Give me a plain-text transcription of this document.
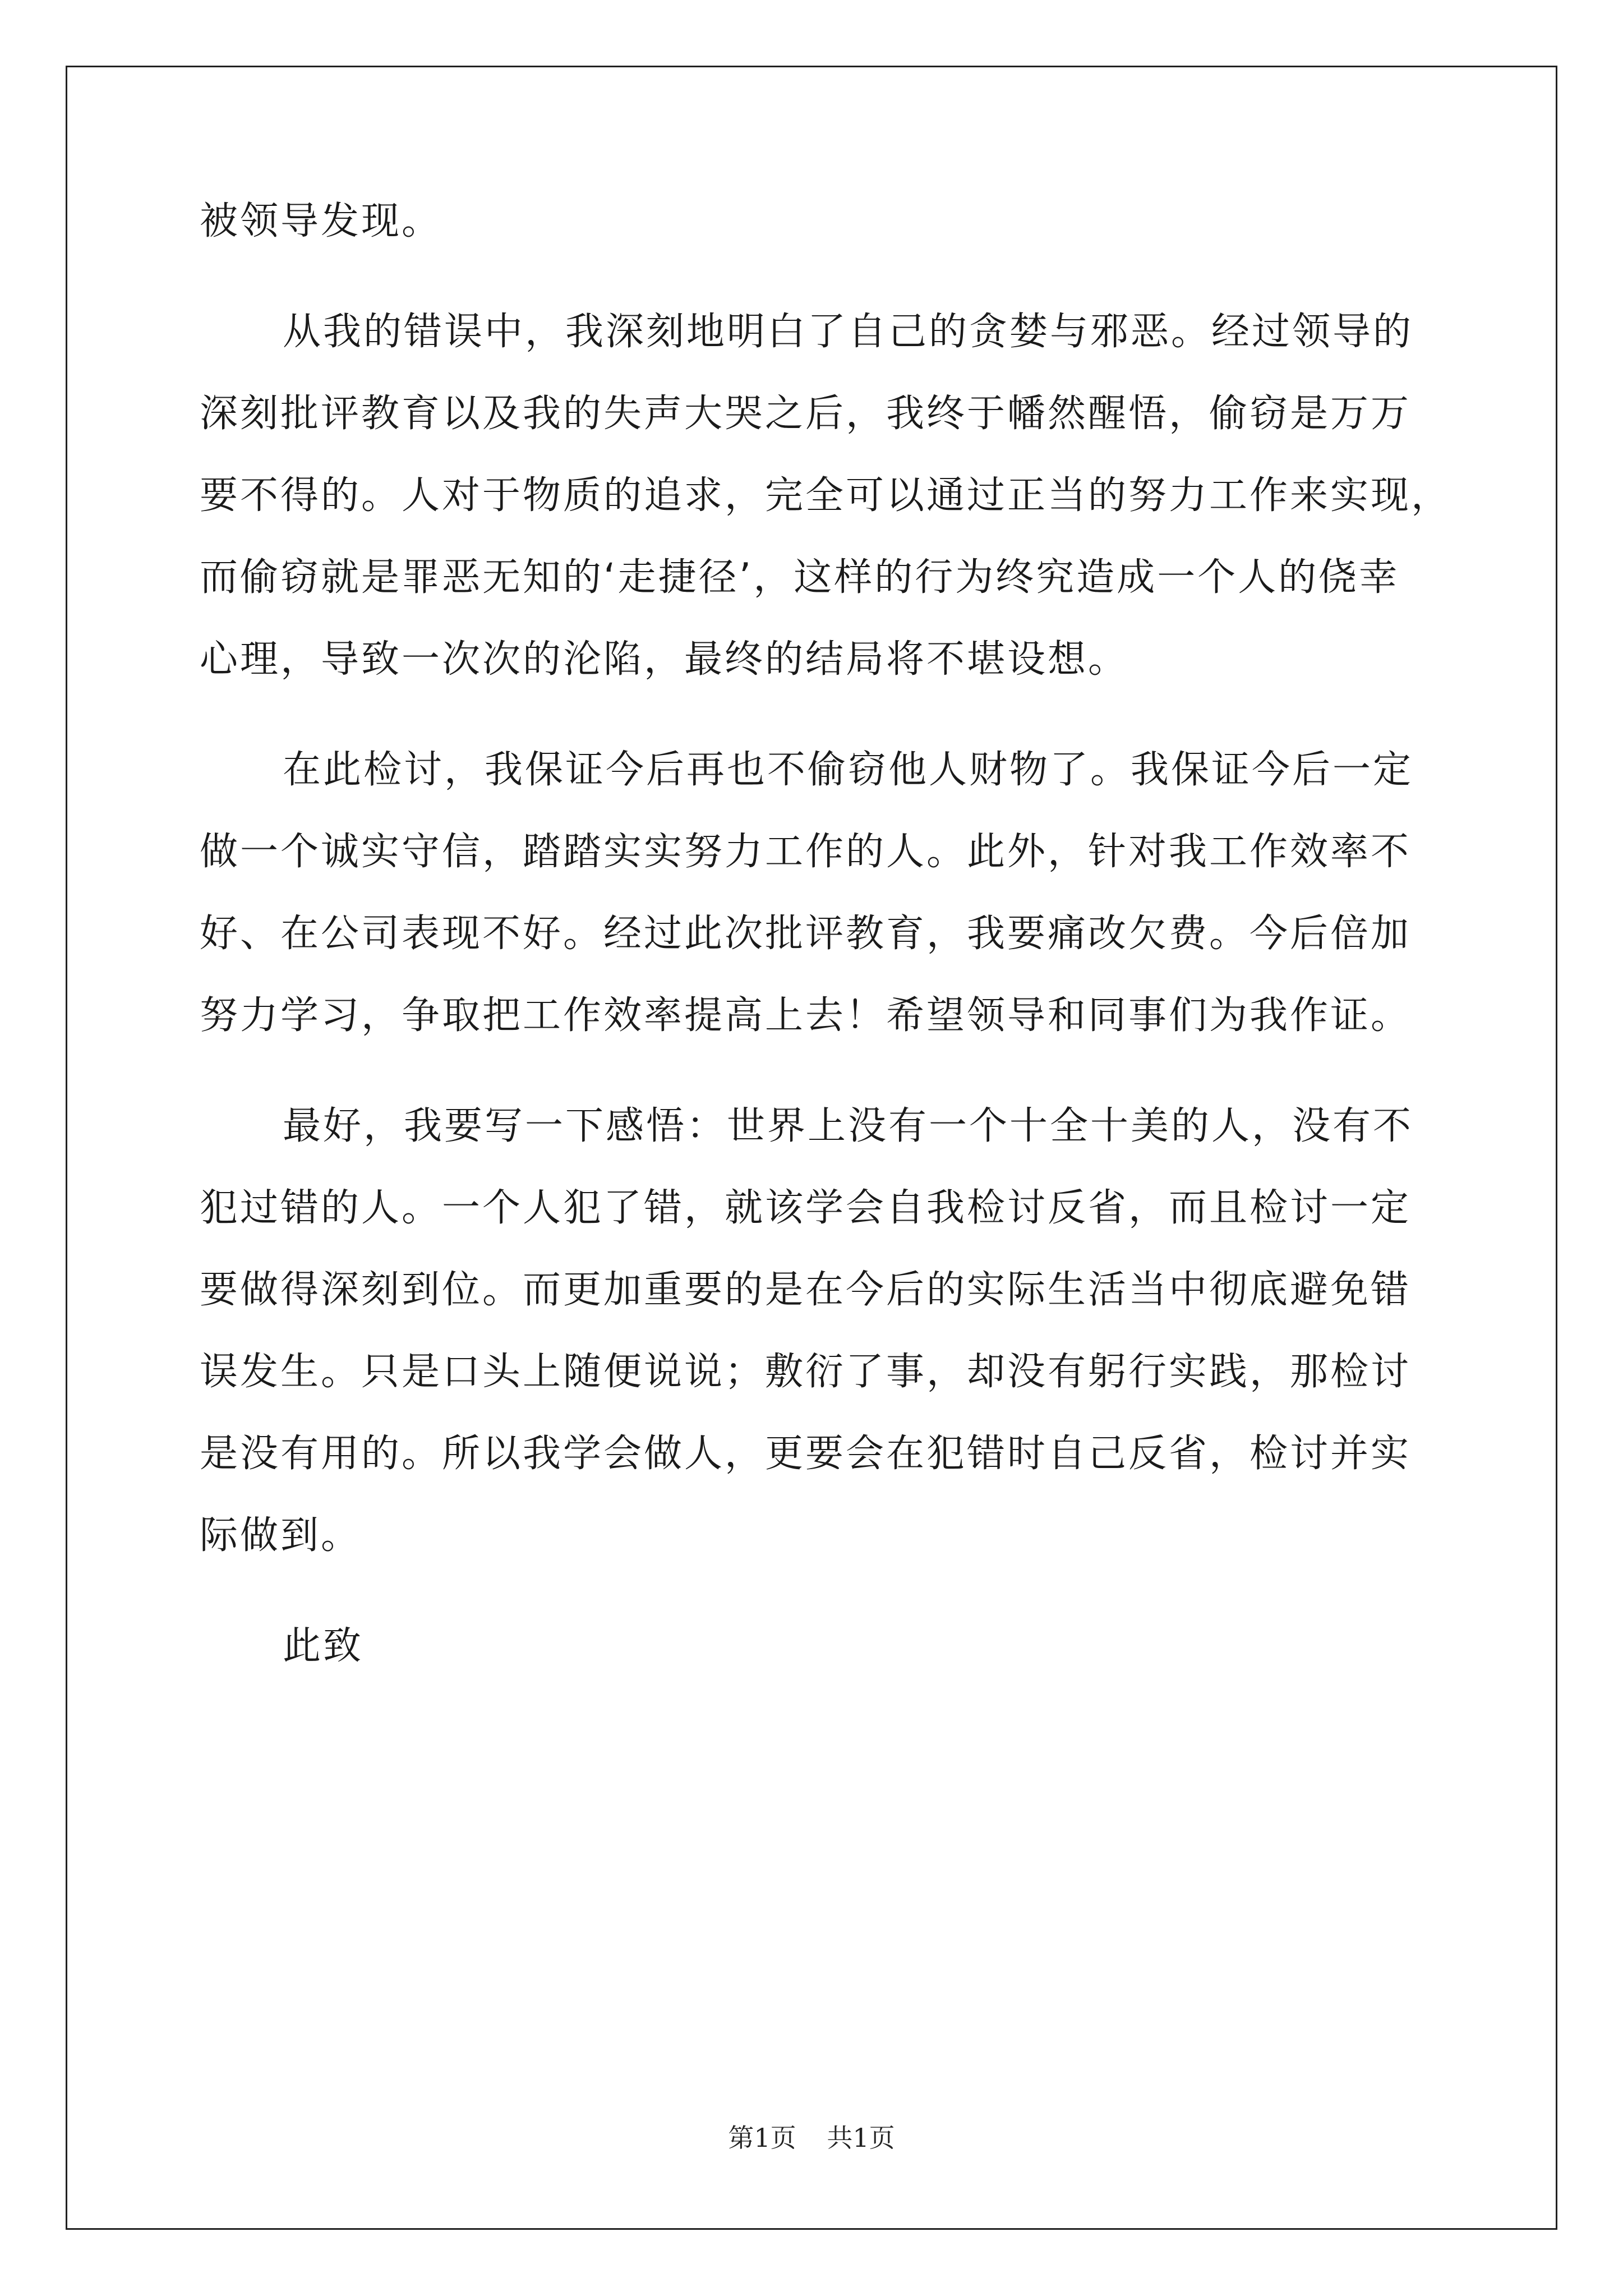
被领导发现。
从我的错误中，我深刻地明白了自己的贪婪与邪恶。经过领导的
深刻批评教育以及我的失声大哭之后，我终于幡然醒悟，偷窃是万万
要不得的。人对于物质的追求，完全可以通过正当的努力工作来实现，
而偷窃就是罪恶无知的‘走捷径’，这样的行为终究造成一个人的侥幸
心理，导致一次次的沦陷，最终的结局将不堪设想。
在此检讨，我保证今后再也不偷窃他人财物了。我保证今后一定
做一个诚实守信，踏踏实实努力工作的人。此外，针对我工作效率不
好、在公司表现不好。经过此次批评教育，我要痛改欠费。今后倍加
努力学习，争取把工作效率提高上去！希望领导和同事们为我作证。
最好，我要写一下感悟：世界上没有一个十全十美的人，没有不
犯过错的人。一个人犯了错，就该学会自我检讨反省，而且检讨一定
要做得深刻到位。而更加重要的是在今后的实际生活当中彻底避免错
误发生。只是口头上随便说说；敷衍了事，却没有躬行实践，那检讨
是没有用的。所以我学会做人，更要会在犯错时自己反省，检讨并实
际做到。
此致
第1页 共1页
